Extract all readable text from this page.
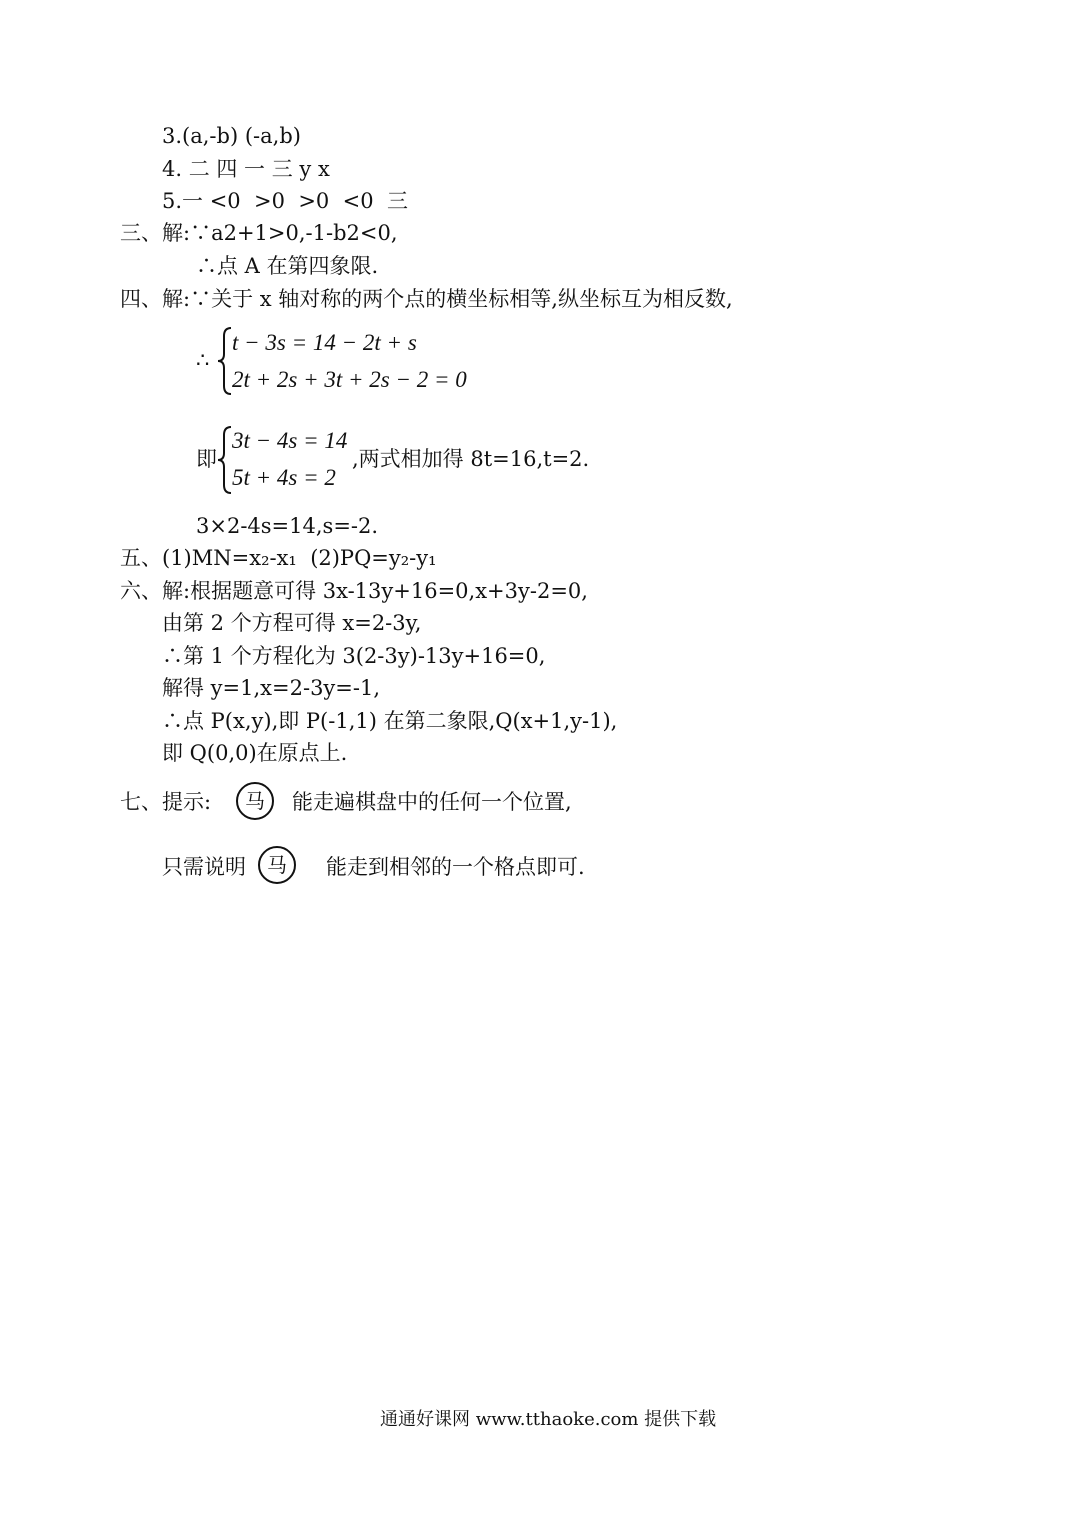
3.(a,-b) (-a,b)
4. 二 四 一 三 y x
5.一 <0  >0  >0  <0  三
三、解:∵a2+1>0,-1-b2<0,
∴点 A 在第四象限.
四、解:∵关于 x 轴对称的两个点的横坐标相等,纵坐标互为相反数,
∴
t − 3s = 14 − 2t + s
2t + 2s + 3t + 2s − 2 = 0
即
3t − 4s = 14
5t + 4s = 2
,两式相加得 8t=16,t=2.
3×2-4s=14,s=-2.
五、(1)MN=x₂-x₁  (2)PQ=y₂-y₁
六、解:根据题意可得 3x-13y+16=0,x+3y-2=0,
由第 2 个方程可得 x=2-3y,
∴第 1 个方程化为 3(2-3y)-13y+16=0,
解得 y=1,x=2-3y=-1,
∴点 P(x,y),即 P(-1,1) 在第二象限,Q(x+1,y-1),
即 Q(0,0)在原点上.
七、提示:	马	能走遍棋盘中的任何一个位置,
只需说明	马	能走到相邻的一个格点即可.
通通好课网 www.tthaoke.com 提供下载
